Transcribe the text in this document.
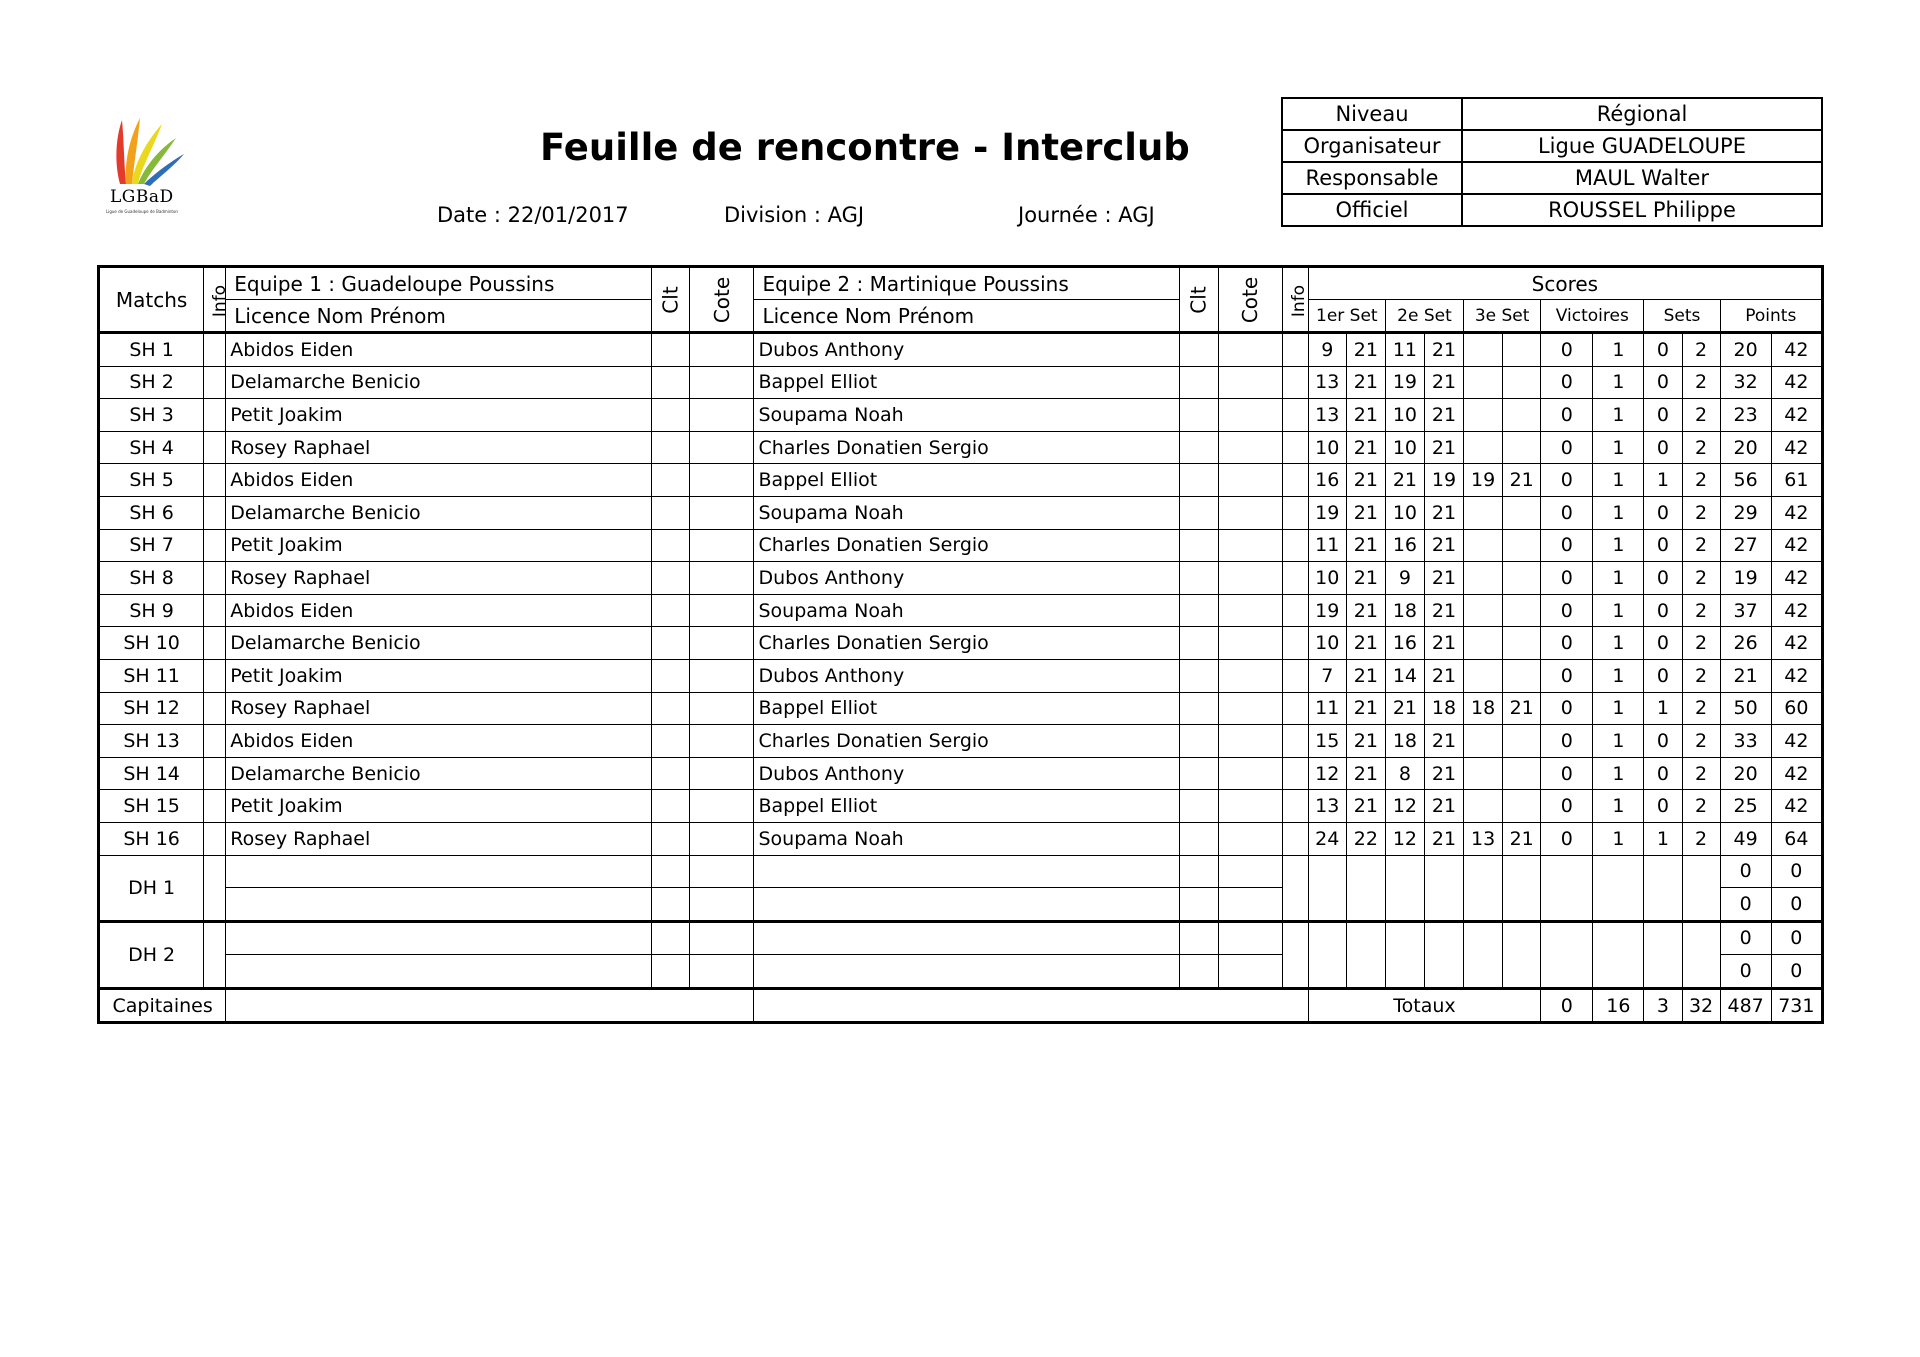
LGBaD
Ligue de Guadeloupe de Badminton
Feuille de rencontre - Interclub
Date : 22/01/2017	Division : AGJ	Journée : AGJ
Niveau	Régional
Organisateur	Ligue GUADELOUPE
Responsable	MAUL Walter
Officiel	ROUSSEL Philippe
Matchs	Info	Equipe 1 : Guadeloupe Poussins	Clt	Cote	Equipe 2 : Martinique Poussins	Clt	Cote	Info	Scores											
		Licence Nom Prénom			Licence Nom Prénom				1er Set		2e Set		3e Set		Victoires		Sets		Points	
SH 1		Abidos Eiden			Dubos Anthony				9	21	11	21			0	1	0	2	20	42
SH 2		Delamarche Benicio			Bappel Elliot				13	21	19	21			0	1	0	2	32	42
SH 3		Petit Joakim			Soupama Noah				13	21	10	21			0	1	0	2	23	42
SH 4		Rosey Raphael			Charles Donatien Sergio				10	21	10	21			0	1	0	2	20	42
SH 5		Abidos Eiden			Bappel Elliot				16	21	21	19	19	21	0	1	1	2	56	61
SH 6		Delamarche Benicio			Soupama Noah				19	21	10	21			0	1	0	2	29	42
SH 7		Petit Joakim			Charles Donatien Sergio				11	21	16	21			0	1	0	2	27	42
SH 8		Rosey Raphael			Dubos Anthony				10	21	9	21			0	1	0	2	19	42
SH 9		Abidos Eiden			Soupama Noah				19	21	18	21			0	1	0	2	37	42
SH 10		Delamarche Benicio			Charles Donatien Sergio				10	21	16	21			0	1	0	2	26	42
SH 11		Petit Joakim			Dubos Anthony				7	21	14	21			0	1	0	2	21	42
SH 12		Rosey Raphael			Bappel Elliot				11	21	21	18	18	21	0	1	1	2	50	60
SH 13		Abidos Eiden			Charles Donatien Sergio				15	21	18	21			0	1	0	2	33	42
SH 14		Delamarche Benicio			Dubos Anthony				12	21	8	21			0	1	0	2	20	42
SH 15		Petit Joakim			Bappel Elliot				13	21	12	21			0	1	0	2	25	42
SH 16		Rosey Raphael			Soupama Noah				24	22	12	21	13	21	0	1	1	2	49	64
DH 1																			0	0
																			0	0
DH 2																			0	0
																			0	0
Capitaines									Totaux						0	16	3	32	487	731
